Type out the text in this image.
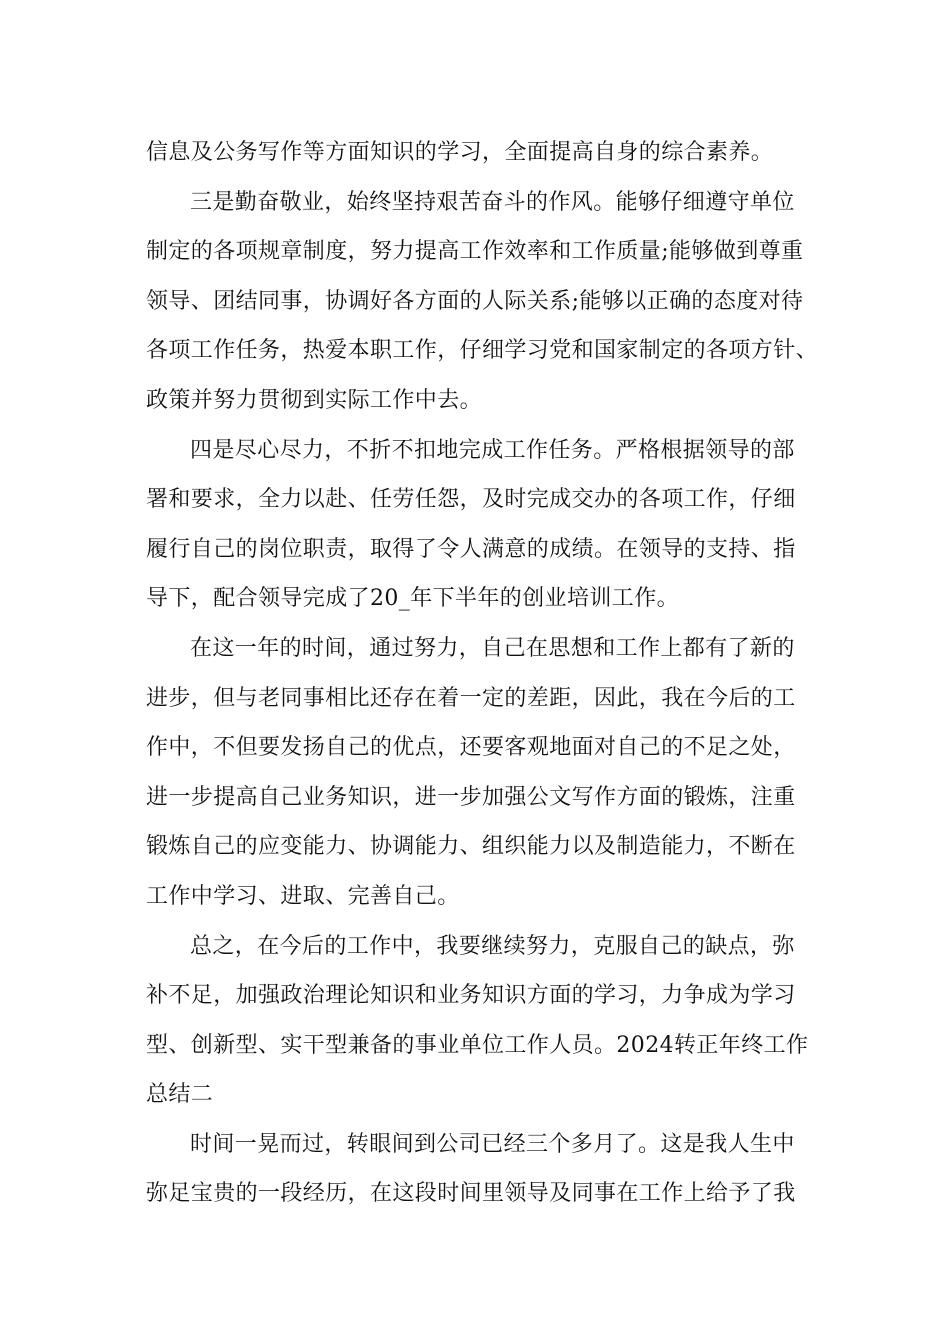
信息及公务写作等方面知识的学习，全面提高自身的综合素养。
三是勤奋敬业，始终坚持艰苦奋斗的作风。能够仔细遵守单位
制定的各项规章制度，努力提高工作效率和工作质量;能够做到尊重
领导、团结同事，协调好各方面的人际关系;能够以正确的态度对待
各项工作任务，热爱本职工作，仔细学习党和国家制定的各项方针、
政策并努力贯彻到实际工作中去。
四是尽心尽力，不折不扣地完成工作任务。严格根据领导的部
署和要求，全力以赴、任劳任怨，及时完成交办的各项工作，仔细
履行自己的岗位职责，取得了令人满意的成绩。在领导的支持、指
导下，配合领导完成了20_年下半年的创业培训工作。
在这一年的时间，通过努力，自己在思想和工作上都有了新的
进步，但与老同事相比还存在着一定的差距，因此，我在今后的工
作中，不但要发扬自己的优点，还要客观地面对自己的不足之处，
进一步提高自己业务知识，进一步加强公文写作方面的锻炼，注重
锻炼自己的应变能力、协调能力、组织能力以及制造能力，不断在
工作中学习、进取、完善自己。
总之，在今后的工作中，我要继续努力，克服自己的缺点，弥
补不足，加强政治理论知识和业务知识方面的学习，力争成为学习
型、创新型、实干型兼备的事业单位工作人员。2024转正年终工作
总结二
时间一晃而过，转眼间到公司已经三个多月了。这是我人生中
弥足宝贵的一段经历，在这段时间里领导及同事在工作上给予了我
